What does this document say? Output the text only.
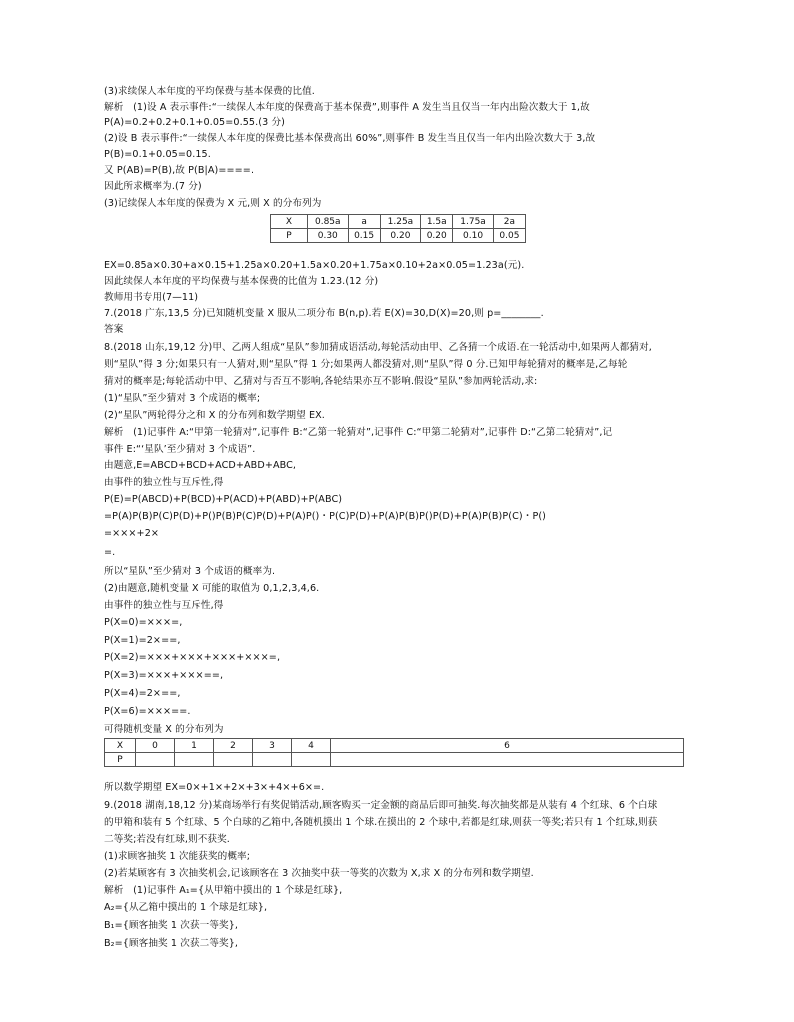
(3)求续保人本年度的平均保费与基本保费的比值.
解析　(1)设 A 表示事件:“一续保人本年度的保费高于基本保费”,则事件 A 发生当且仅当一年内出险次数大于 1,故
P(A)=0.2+0.2+0.1+0.05=0.55.(3 分)
(2)设 B 表示事件:“一续保人本年度的保费比基本保费高出 60%”,则事件 B 发生当且仅当一年内出险次数大于 3,故
P(B)=0.1+0.05=0.15.
又 P(AB)=P(B),故 P(B|A)====.
因此所求概率为.(7 分)
(3)记续保人本年度的保费为 X 元,则 X 的分布列为
X	0.85a	a	1.25a	1.5a	1.75a	2a
P	0.30	0.15	0.20	0.20	0.10	0.05
EX=0.85a×0.30+a×0.15+1.25a×0.20+1.5a×0.20+1.75a×0.10+2a×0.05=1.23a(元).
因此续保人本年度的平均保费与基本保费的比值为 1.23.(12 分)
教师用书专用(7—11)
7.(2018 广东,13,5 分)已知随机变量 X 服从二项分布 B(n,p).若 E(X)=30,D(X)=20,则 p=________.
答案
8.(2018 山东,19,12 分)甲、乙两人组成“星队”参加猜成语活动,每轮活动由甲、乙各猜一个成语.在一轮活动中,如果两人都猜对,
则“星队”得 3 分;如果只有一人猜对,则“星队”得 1 分;如果两人都没猜对,则“星队”得 0 分.已知甲每轮猜对的概率是,乙每轮
猜对的概率是;每轮活动中甲、乙猜对与否互不影响,各轮结果亦互不影响.假设“星队”参加两轮活动,求:
(1)“星队”至少猜对 3 个成语的概率;
(2)“星队”两轮得分之和 X 的分布列和数学期望 EX.
解析　(1)记事件 A:“甲第一轮猜对”,记事件 B:“乙第一轮猜对”,记事件 C:“甲第二轮猜对”,记事件 D:“乙第二轮猜对”,记
事件 E:“‘星队’至少猜对 3 个成语”.
由题意,E=ABCD+BCD+ACD+ABD+ABC,
由事件的独立性与互斥性,得
P(E)=P(ABCD)+P(BCD)+P(ACD)+P(ABD)+P(ABC)
=P(A)P(B)P(C)P(D)+P()P(B)P(C)P(D)+P(A)P()・P(C)P(D)+P(A)P(B)P()P(D)+P(A)P(B)P(C)・P()
=×××+2×
=.
所以“星队”至少猜对 3 个成语的概率为.
(2)由题意,随机变量 X 可能的取值为 0,1,2,3,4,6.
由事件的独立性与互斥性,得
P(X=0)=×××=,
P(X=1)=2×==,
P(X=2)=×××+×××+×××+×××=,
P(X=3)=×××+×××==,
P(X=4)=2×==,
P(X=6)=×××==.
可得随机变量 X 的分布列为
X	0	1	2	3	4	6
P						
所以数学期望 EX=0×+1×+2×+3×+4×+6×=.
9.(2018 湖南,18,12 分)某商场举行有奖促销活动,顾客购买一定金额的商品后即可抽奖.每次抽奖都是从装有 4 个红球、6 个白球
的甲箱和装有 5 个红球、5 个白球的乙箱中,各随机摸出 1 个球.在摸出的 2 个球中,若都是红球,则获一等奖;若只有 1 个红球,则获
二等奖;若没有红球,则不获奖.
(1)求顾客抽奖 1 次能获奖的概率;
(2)若某顾客有 3 次抽奖机会,记该顾客在 3 次抽奖中获一等奖的次数为 X,求 X 的分布列和数学期望.
解析　(1)记事件 A₁={从甲箱中摸出的 1 个球是红球},
A₂={从乙箱中摸出的 1 个球是红球},
B₁={顾客抽奖 1 次获一等奖},
B₂={顾客抽奖 1 次获二等奖},
